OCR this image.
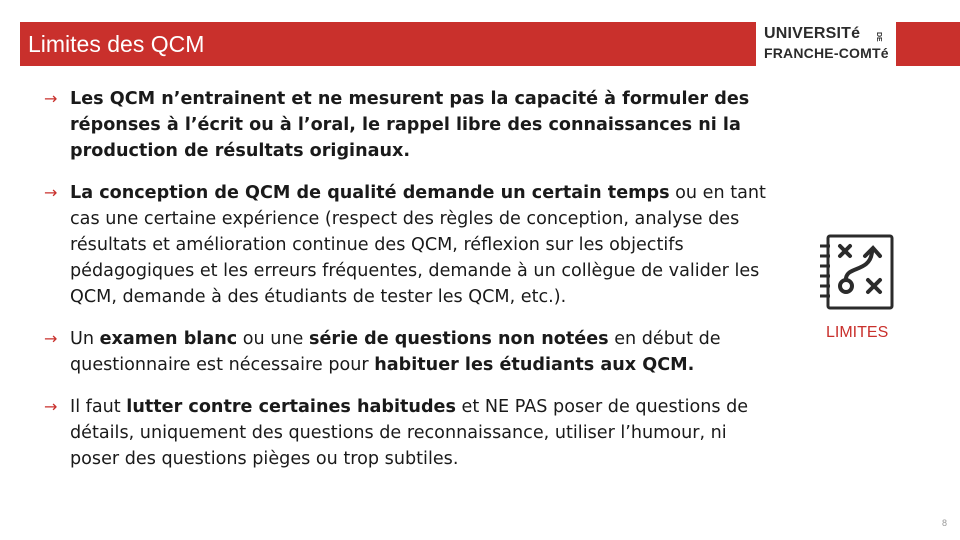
Limites des QCM	UNIVERSITé
FRANCHE-COMTé
DE
→ Les QCM n’entrainent et ne mesurent pas la capacité à formuler des réponses à l’écrit ou à l’oral, le rappel libre des connaissances ni la production de résultats originaux.
→ La conception de QCM de qualité demande un certain temps ou en tant cas une certaine expérience (respect des règles de conception, analyse des résultats et amélioration continue des QCM, réflexion sur les objectifs pédagogiques et les erreurs fréquentes, demande à un collègue de valider les QCM, demande à des étudiants de tester les QCM, etc.).
→ Un examen blanc ou une série de questions non notées en début de questionnaire est nécessaire pour habituer les étudiants aux QCM.
→ Il faut lutter contre certaines habitudes et NE PAS poser de questions de détails, uniquement des questions de reconnaissance, utiliser l’humour, ni poser des questions pièges ou trop subtiles.
LIMITES
8
